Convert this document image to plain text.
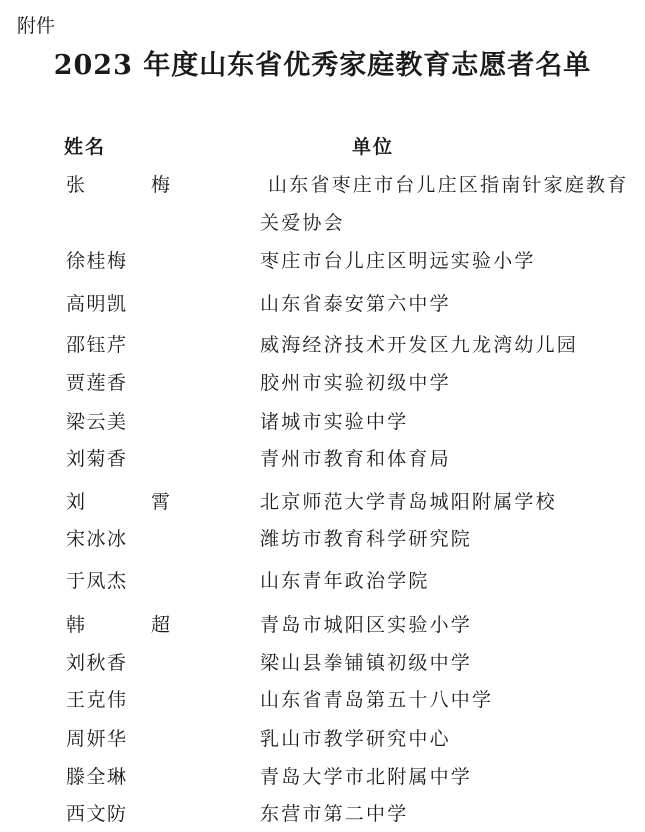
附件
2023 年度山东省优秀家庭教育志愿者名单
姓名	单位
张 梅	山东省枣庄市台儿庄区指南针家庭教育关爱协会
徐桂梅	枣庄市台儿庄区明远实验小学
高明凯	山东省泰安第六中学
邵钰芹	威海经济技术开发区九龙湾幼儿园
贾莲香	胶州市实验初级中学
梁云美	诸城市实验中学
刘菊香	青州市教育和体育局
刘 霄	北京师范大学青岛城阳附属学校
宋冰冰	潍坊市教育科学研究院
于凤杰	山东青年政治学院
韩 超	青岛市城阳区实验小学
刘秋香	梁山县拳铺镇初级中学
王克伟	山东省青岛第五十八中学
周妍华	乳山市教学研究中心
滕全琳	青岛大学市北附属中学
西文防	东营市第二中学
